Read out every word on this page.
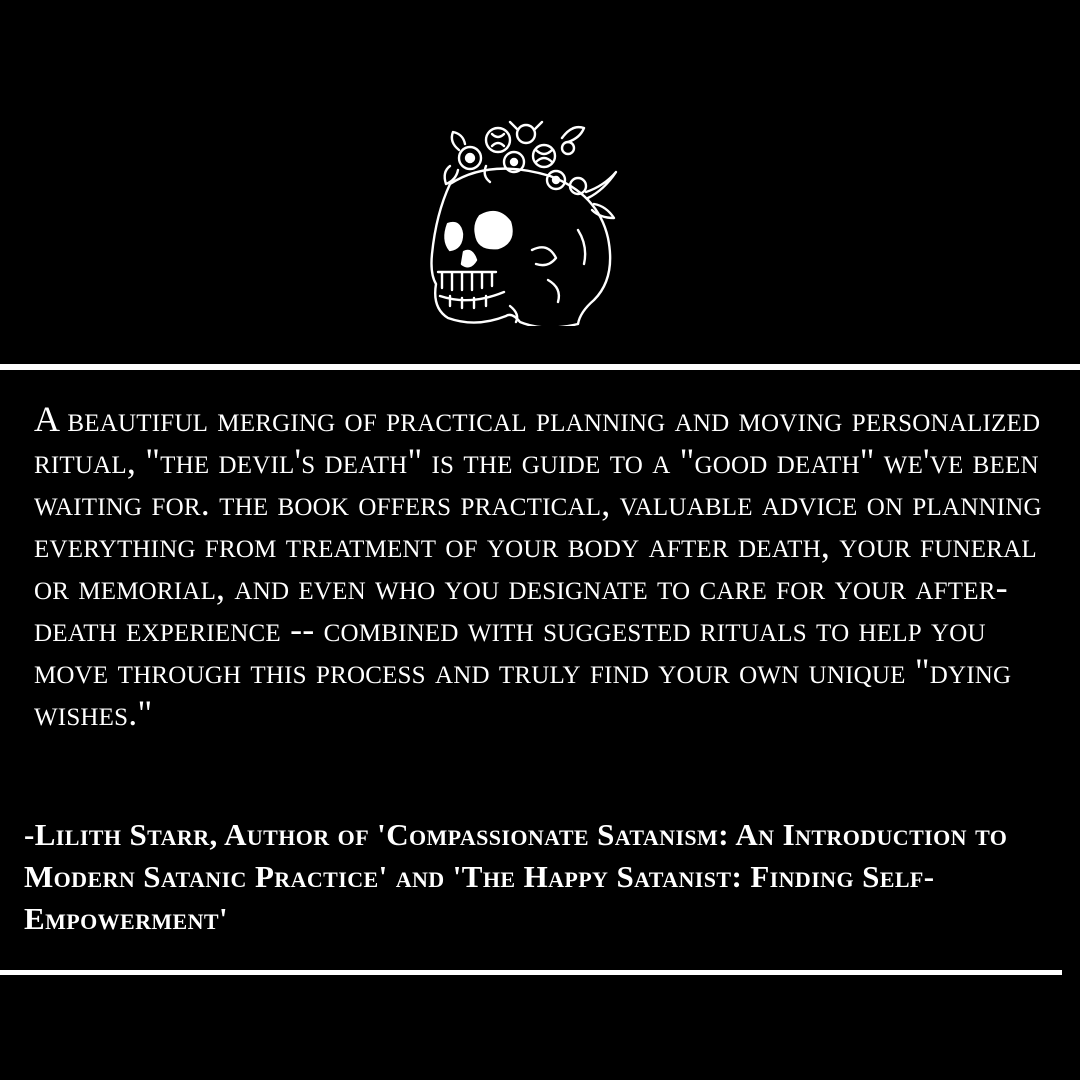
A beautiful merging of practical planning and moving personalized ritual, "the devil's death" is the guide to a "good death" we've been waiting for. the book offers practical, valuable advice on planning everything from treatment of your body after death, your funeral or memorial, and even who you designate to care for your after-death experience -- combined with suggested rituals to help you move through this process and truly find your own unique "dying wishes."

-Lilith Starr, Author of 'Compassionate Satanism: An Introduction to Modern Satanic Practice' and 'The Happy Satanist: Finding Self-Empowerment'
